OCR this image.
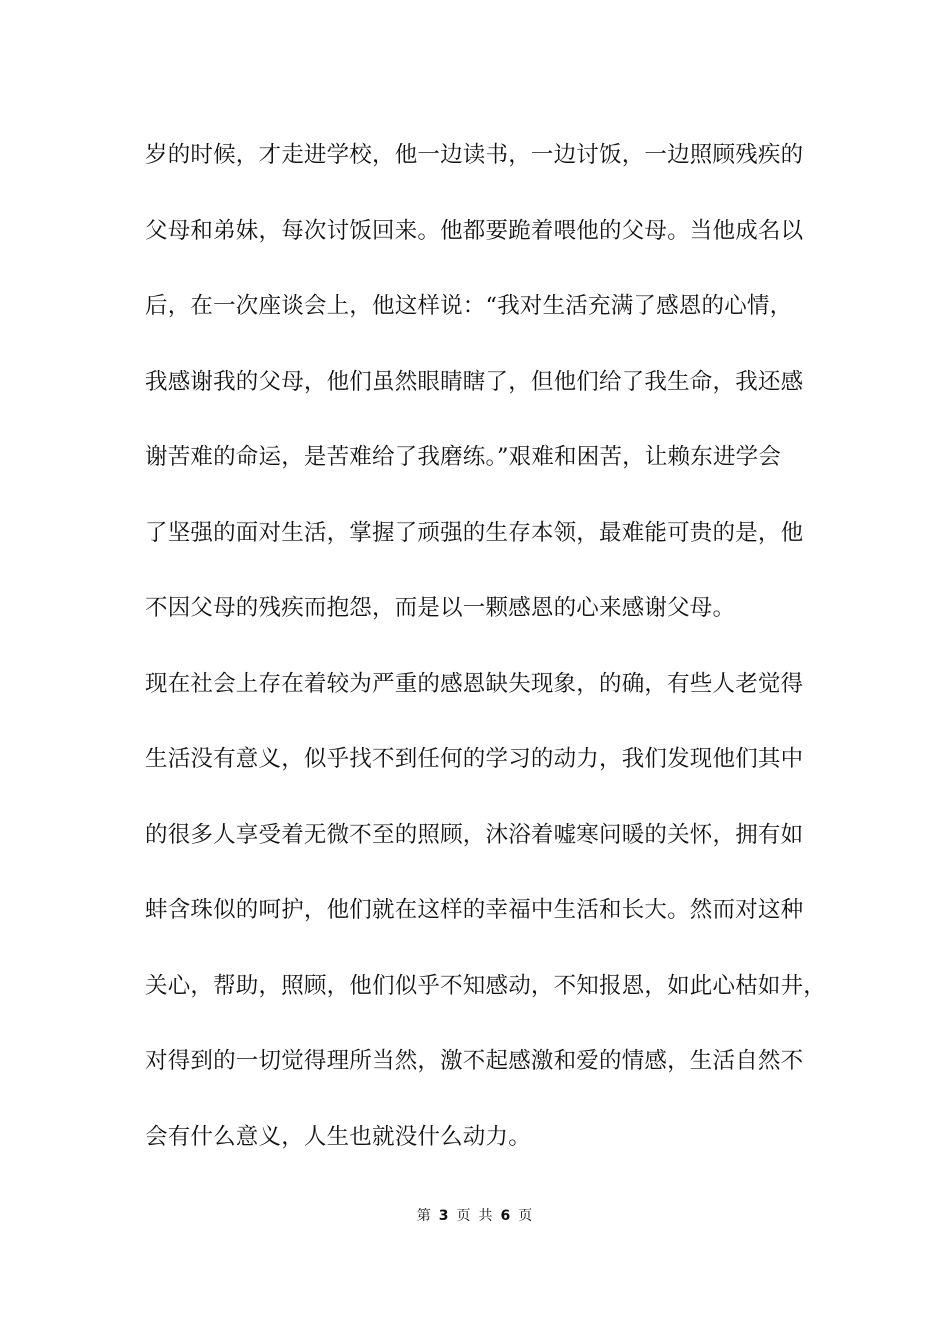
岁的时候，才走进学校，他一边读书，一边讨饭，一边照顾残疾的
父母和弟妹，每次讨饭回来。他都要跪着喂他的父母。当他成名以
后，在一次座谈会上，他这样说：“我对生活充满了感恩的心情，
我感谢我的父母，他们虽然眼睛瞎了，但他们给了我生命，我还感
谢苦难的命运，是苦难给了我磨练。”艰难和困苦，让赖东进学会
了坚强的面对生活，掌握了顽强的生存本领，最难能可贵的是，他
不因父母的残疾而抱怨，而是以一颗感恩的心来感谢父母。
现在社会上存在着较为严重的感恩缺失现象，的确，有些人老觉得
生活没有意义，似乎找不到任何的学习的动力，我们发现他们其中
的很多人享受着无微不至的照顾，沐浴着嘘寒问暖的关怀，拥有如
蚌含珠似的呵护，他们就在这样的幸福中生活和长大。然而对这种
关心，帮助，照顾，他们似乎不知感动，不知报恩，如此心枯如井，
对得到的一切觉得理所当然，激不起感激和爱的情感，生活自然不
会有什么意义，人生也就没什么动力。
第 3 页 共 6 页
